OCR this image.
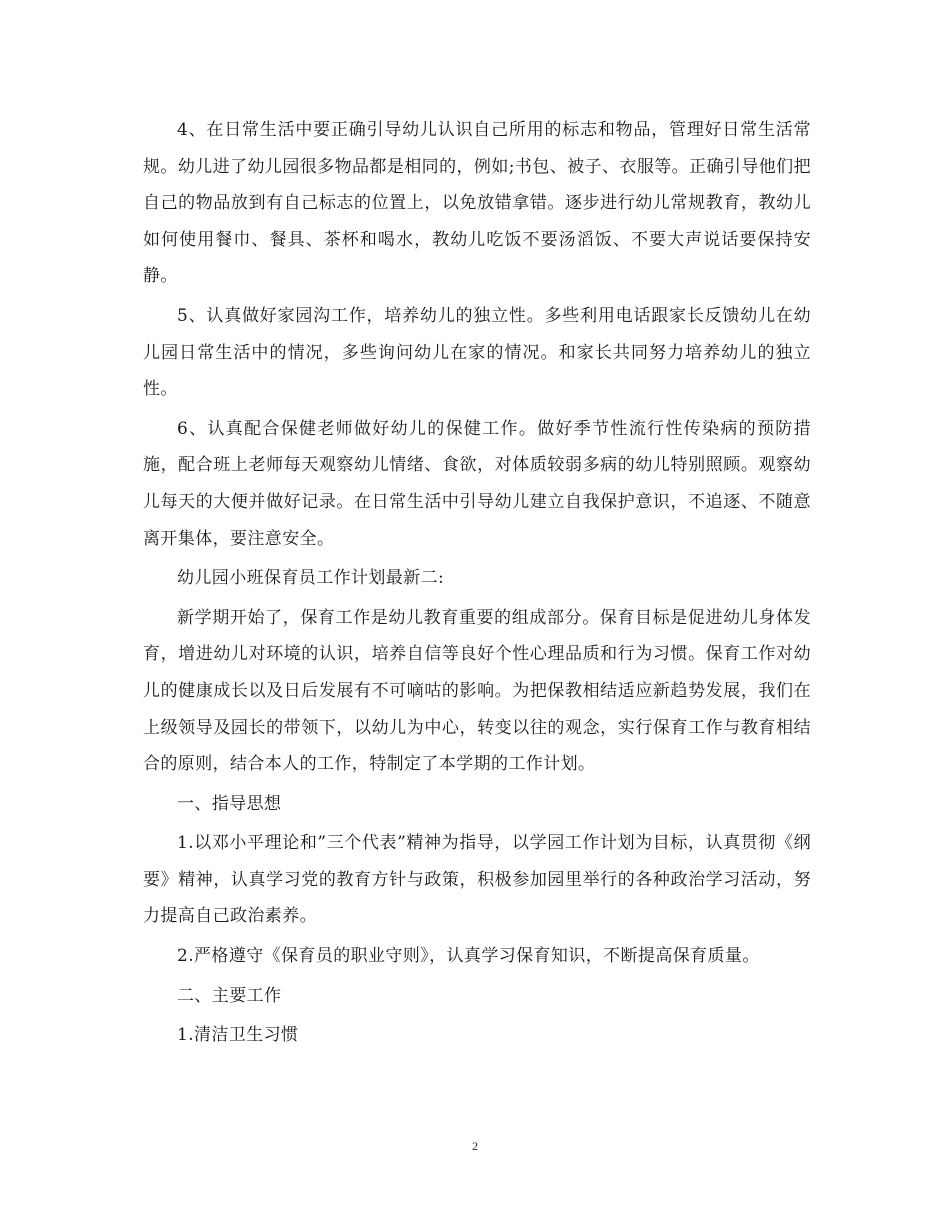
4、在日常生活中要正确引导幼儿认识自己所用的标志和物品，管理好日常生活常规。幼儿进了幼儿园很多物品都是相同的，例如;书包、被子、衣服等。正确引导他们把自己的物品放到有自己标志的位置上，以免放错拿错。逐步进行幼儿常规教育，教幼儿如何使用餐巾、餐具、茶杯和喝水，教幼儿吃饭不要汤滔饭、不要大声说话要保持安静。

5、认真做好家园沟工作，培养幼儿的独立性。多些利用电话跟家长反馈幼儿在幼儿园日常生活中的情况，多些询问幼儿在家的情况。和家长共同努力培养幼儿的独立性。

6、认真配合保健老师做好幼儿的保健工作。做好季节性流行性传染病的预防措施，配合班上老师每天观察幼儿情绪、食欲，对体质较弱多病的幼儿特别照顾。观察幼儿每天的大便并做好记录。在日常生活中引导幼儿建立自我保护意识，不追逐、不随意离开集体，要注意安全。

幼儿园小班保育员工作计划最新二:

新学期开始了，保育工作是幼儿教育重要的组成部分。保育目标是促进幼儿身体发育，增进幼儿对环境的认识，培养自信等良好个性心理品质和行为习惯。保育工作对幼儿的健康成长以及日后发展有不可嘀咕的影响。为把保教相结适应新趋势发展，我们在上级领导及园长的带领下，以幼儿为中心，转变以往的观念，实行保育工作与教育相结合的原则，结合本人的工作，特制定了本学期的工作计划。

一、指导思想

1.以邓小平理论和”三个代表”精神为指导，以学园工作计划为目标，认真贯彻《纲要》精神，认真学习党的教育方针与政策，积极参加园里举行的各种政治学习活动，努力提高自己政治素养。

2.严格遵守《保育员的职业守则》，认真学习保育知识，不断提高保育质量。

二、主要工作

1.清洁卫生习惯

2
